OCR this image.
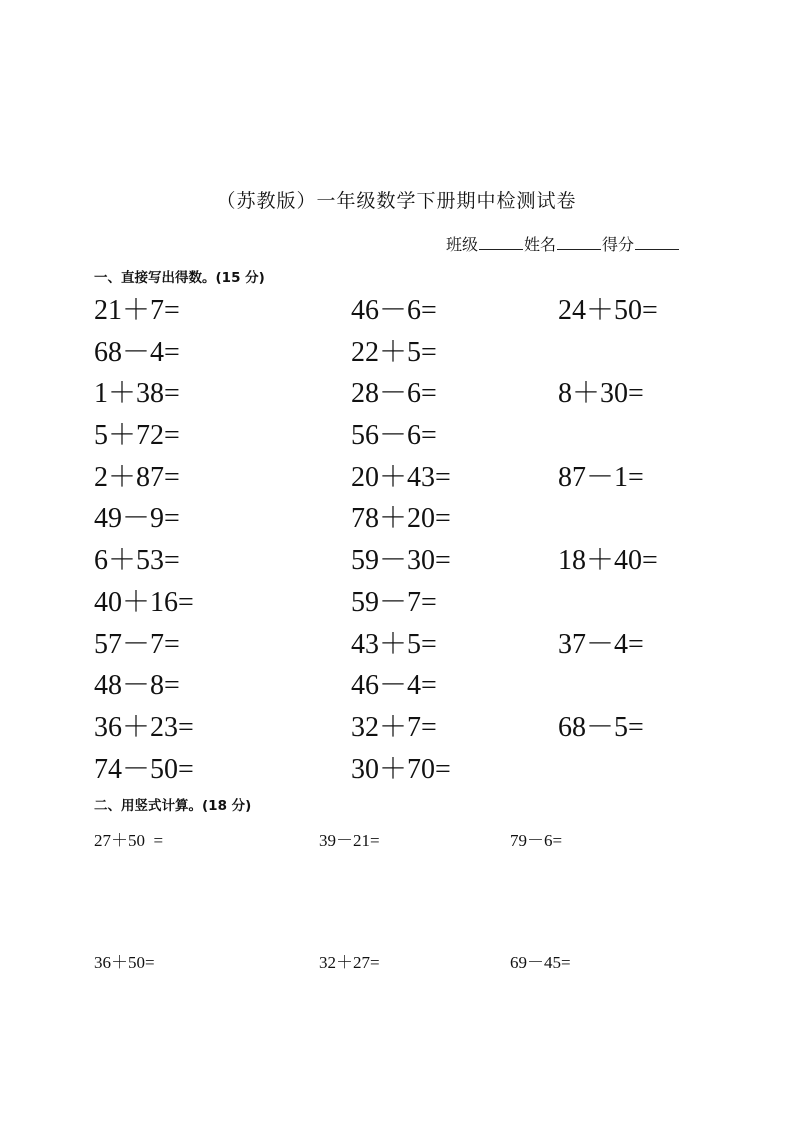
（苏教版）一年级数学下册期中检测试卷
班级	姓名	得分
一、直接写出得数。(15 分)
21＋7=	46－6=	24＋50=
68－4=	22＋5=
1＋38=	28－6=	8＋30=
5＋72=	56－6=
2＋87=	20＋43=	87－1=
49－9=	78＋20=
6＋53=	59－30=	18＋40=
40＋16=	59－7=
57－7=	43＋5=	37－4=
48－8=	46－4=
36＋23=	32＋7=	68－5=
74－50=	30＋70=
二、用竖式计算。(18 分)
27＋50  =	39－21=	79－6=
36＋50=	32＋27=	69－45=
